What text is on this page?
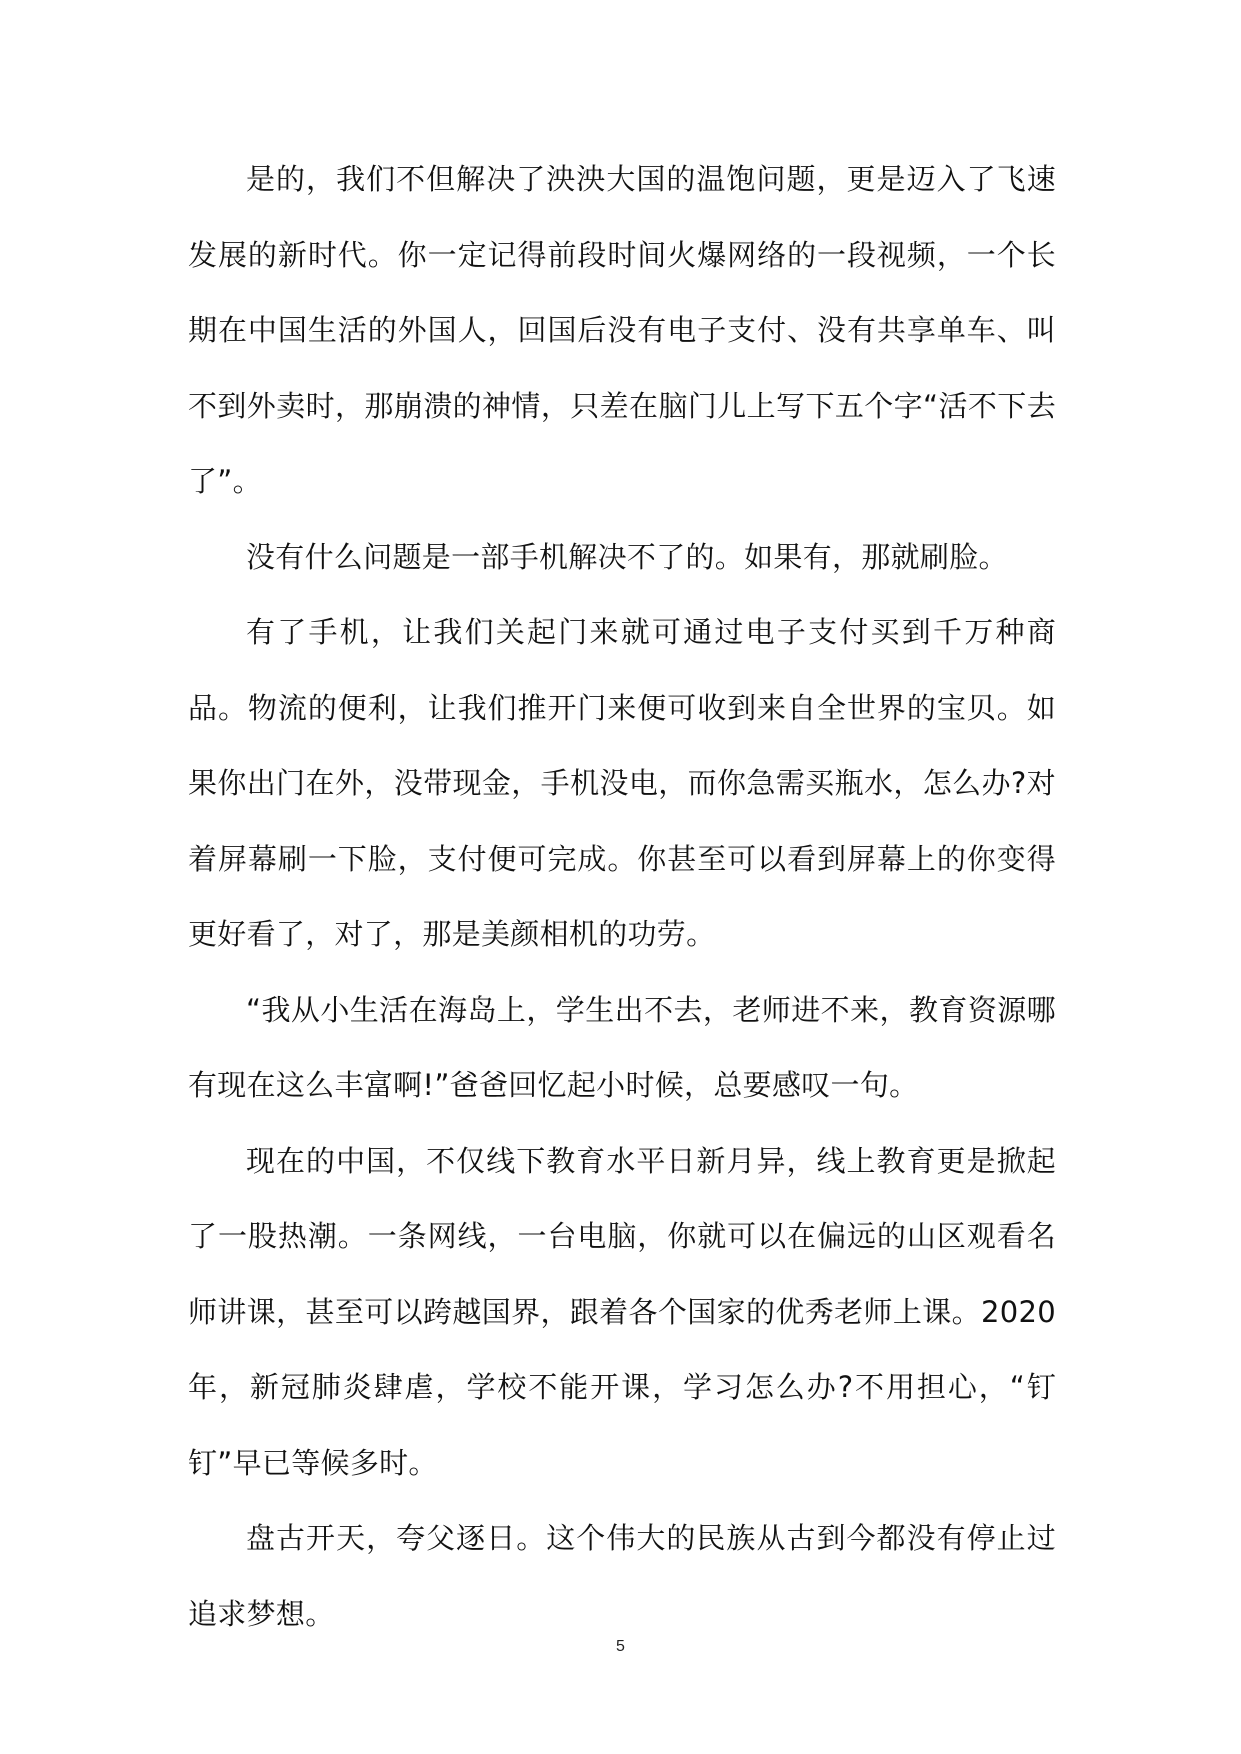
是的，我们不但解决了泱泱大国的温饱问题，更是迈入了飞速发展的新时代。你一定记得前段时间火爆网络的一段视频，一个长期在中国生活的外国人，回国后没有电子支付、没有共享单车、叫不到外卖时，那崩溃的神情，只差在脑门儿上写下五个字“活不下去了”。

没有什么问题是一部手机解决不了的。如果有，那就刷脸。

有了手机，让我们关起门来就可通过电子支付买到千万种商品。物流的便利，让我们推开门来便可收到来自全世界的宝贝。如果你出门在外，没带现金，手机没电，而你急需买瓶水，怎么办?对着屏幕刷一下脸，支付便可完成。你甚至可以看到屏幕上的你变得更好看了，对了，那是美颜相机的功劳。

“我从小生活在海岛上，学生出不去，老师进不来，教育资源哪有现在这么丰富啊!”爸爸回忆起小时候，总要感叹一句。

现在的中国，不仅线下教育水平日新月异，线上教育更是掀起了一股热潮。一条网线，一台电脑，你就可以在偏远的山区观看名师讲课，甚至可以跨越国界，跟着各个国家的优秀老师上课。2020 年，新冠肺炎肆虐，学校不能开课，学习怎么办?不用担心，“钉钉”早已等候多时。

盘古开天，夸父逐日。这个伟大的民族从古到今都没有停止过追求梦想。

5
